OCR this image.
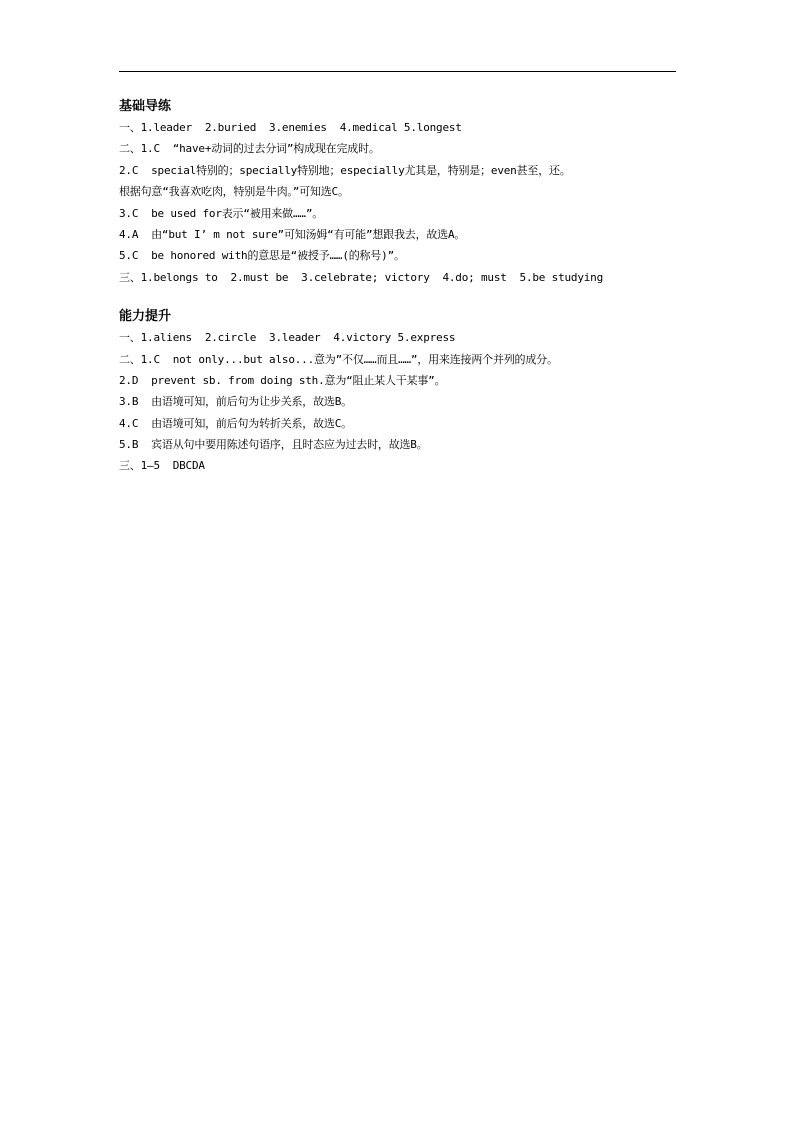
基础导练
一、1.leader  2.buried  3.enemies  4.medical 5.longest
二、1.C  “have+动词的过去分词”构成现在完成时。
2.C  special特别的；specially特别地；especially尤其是，特别是；even甚至，还。
根据句意“我喜欢吃肉，特别是牛肉。”可知选C。
3.C  be used for表示“被用来做……”。
4.A  由“but I’ m not sure”可知汤姆“有可能”想跟我去，故选A。
5.C  be honored with的意思是“被授予……(的称号)”。
三、1.belongs to  2.must be  3.celebrate; victory  4.do; must  5.be studying
能力提升
一、1.aliens  2.circle  3.leader  4.victory 5.express
二、1.C  not only...but also...意为”不仅……而且……”，用来连接两个并列的成分。
2.D  prevent sb. from doing sth.意为“阻止某人干某事”。
3.B  由语境可知，前后句为让步关系，故选B。
4.C  由语境可知，前后句为转折关系，故选C。
5.B  宾语从句中要用陈述句语序，且时态应为过去时，故选B。
三、1—5  DBCDA
